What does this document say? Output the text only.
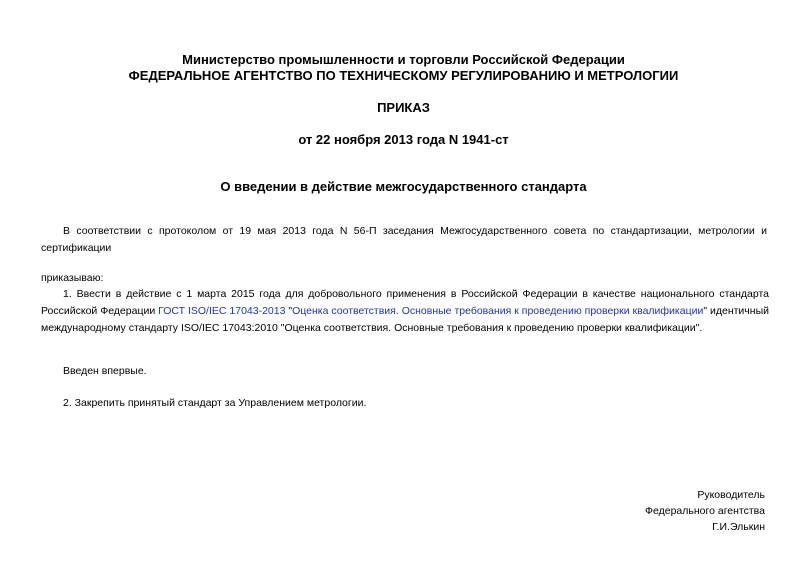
Министерство промышленности и торговли Российской Федерации
ФЕДЕРАЛЬНОЕ АГЕНТСТВО ПО ТЕХНИЧЕСКОМУ РЕГУЛИРОВАНИЮ И МЕТРОЛОГИИ
ПРИКАЗ
от 22 ноября 2013 года N 1941-ст
О введении в действие межгосударственного стандарта
В соответствии с протоколом от 19 мая 2013 года N 56-П заседания Межгосударственного совета по стандартизации, метрологии и сертификации
приказываю:
1. Ввести в действие с 1 марта 2015 года для добровольного применения в Российской Федерации в качестве национального стандарта Российской Федерации ГОСТ ISO/IEC 17043-2013 "Оценка соответствия. Основные требования к проведению проверки квалификации" идентичный международному стандарту ISO/IEC 17043:2010 "Оценка соответствия. Основные требования к проведению проверки квалификации".
Введен впервые.
2. Закрепить принятый стандарт за Управлением метрологии.
Руководитель
Федерального агентства
Г.И.Элькин
